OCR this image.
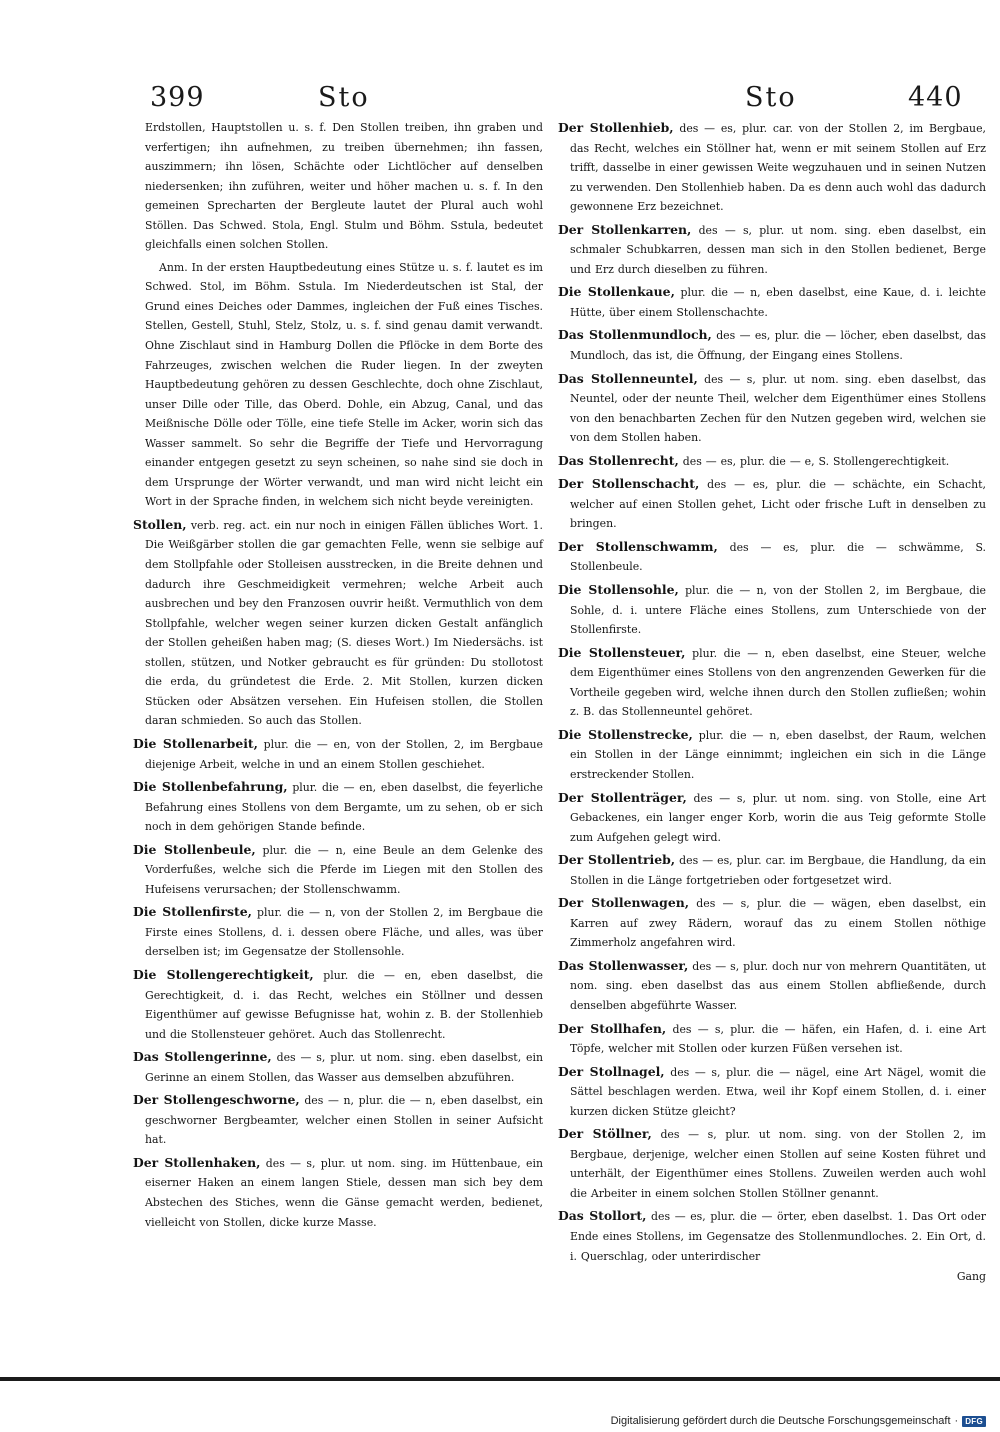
399	Sto	Sto	440
Erdstollen, Hauptstollen u. s. f. Den Stollen treiben, ihn graben und verfertigen; ihn aufnehmen, zu treiben übernehmen; ihn fassen, auszimmern; ihn lösen, Schächte oder Lichtlöcher auf denselben niedersenken; ihn zuführen, weiter und höher machen u. s. f. In den gemeinen Sprecharten der Bergleute lautet der Plural auch wohl Stöllen. Das Schwed. Stola, Engl. Stulm und Böhm. Sstula, bedeutet gleichfalls einen solchen Stollen.
Anm. In der ersten Hauptbedeutung eines Stütze u. s. f. lautet es im Schwed. Stol, im Böhm. Sstula. Im Niederdeutschen ist Stal, der Grund eines Deiches oder Dammes, ingleichen der Fuß eines Tisches. Stellen, Gestell, Stuhl, Stelz, Stolz, u. s. f. sind genau damit verwandt. Ohne Zischlaut sind in Hamburg Dollen die Pflöcke in dem Borte des Fahrzeuges, zwischen welchen die Ruder liegen. In der zweyten Hauptbedeutung gehören zu dessen Geschlechte, doch ohne Zischlaut, unser Dille oder Tille, das Oberd. Dohle, ein Abzug, Canal, und das Meißnische Dölle oder Tölle, eine tiefe Stelle im Acker, worin sich das Wasser sammelt. So sehr die Begriffe der Tiefe und Hervorragung einander entgegen gesetzt zu seyn scheinen, so nahe sind sie doch in dem Ursprunge der Wörter verwandt, und man wird nicht leicht ein Wort in der Sprache finden, in welchem sich nicht beyde vereinigten.
Stollen, verb. reg. act. ein nur noch in einigen Fällen übliches Wort. 1. Die Weißgärber stollen die gar gemachten Felle, wenn sie selbige auf dem Stollpfahle oder Stolleisen ausstrecken, in die Breite dehnen und dadurch ihre Geschmeidigkeit vermehren; welche Arbeit auch ausbrechen und bey den Franzosen ouvrir heißt. Vermuthlich von dem Stollpfahle, welcher wegen seiner kurzen dicken Gestalt anfänglich der Stollen geheißen haben mag; (S. dieses Wort.) Im Niedersächs. ist stollen, stützen, und Notker gebraucht es für gründen: Du stollotost die erda, du gründetest die Erde. 2. Mit Stollen, kurzen dicken Stücken oder Absätzen versehen. Ein Hufeisen stollen, die Stollen daran schmieden. So auch das Stollen.
Die Stollenarbeit, plur. die — en, von der Stollen, 2, im Bergbaue diejenige Arbeit, welche in und an einem Stollen geschiehet.
Die Stollenbefahrung, plur. die — en, eben daselbst, die feyerliche Befahrung eines Stollens von dem Bergamte, um zu sehen, ob er sich noch in dem gehörigen Stande befinde.
Die Stollenbeule, plur. die — n, eine Beule an dem Gelenke des Vorderfußes, welche sich die Pferde im Liegen mit den Stollen des Hufeisens verursachen; der Stollenschwamm.
Die Stollenfirste, plur. die — n, von der Stollen 2, im Bergbaue die Firste eines Stollens, d. i. dessen obere Fläche, und alles, was über derselben ist; im Gegensatze der Stollensohle.
Die Stollengerechtigkeit, plur. die — en, eben daselbst, die Gerechtigkeit, d. i. das Recht, welches ein Stöllner und dessen Eigenthümer auf gewisse Befugnisse hat, wohin z. B. der Stollenhieb und die Stollensteuer gehöret. Auch das Stollenrecht.
Das Stollengerinne, des — s, plur. ut nom. sing. eben daselbst, ein Gerinne an einem Stollen, das Wasser aus demselben abzuführen.
Der Stollengeschworne, des — n, plur. die — n, eben daselbst, ein geschworner Bergbeamter, welcher einen Stollen in seiner Aufsicht hat.
Der Stollenhaken, des — s, plur. ut nom. sing. im Hüttenbaue, ein eiserner Haken an einem langen Stiele, dessen man sich bey dem Abstechen des Stiches, wenn die Gänse gemacht werden, bedienet, vielleicht von Stollen, dicke kurze Masse.
Der Stollenhieb, des — es, plur. car. von der Stollen 2, im Bergbaue, das Recht, welches ein Stöllner hat, wenn er mit seinem Stollen auf Erz trifft, dasselbe in einer gewissen Weite wegzuhauen und in seinen Nutzen zu verwenden. Den Stollenhieb haben. Da es denn auch wohl das dadurch gewonnene Erz bezeichnet.
Der Stollenkarren, des — s, plur. ut nom. sing. eben daselbst, ein schmaler Schubkarren, dessen man sich in den Stollen bedienet, Berge und Erz durch dieselben zu führen.
Die Stollenkaue, plur. die — n, eben daselbst, eine Kaue, d. i. leichte Hütte, über einem Stollenschachte.
Das Stollenmundloch, des — es, plur. die — löcher, eben daselbst, das Mundloch, das ist, die Öffnung, der Eingang eines Stollens.
Das Stollenneuntel, des — s, plur. ut nom. sing. eben daselbst, das Neuntel, oder der neunte Theil, welcher dem Eigenthümer eines Stollens von den benachbarten Zechen für den Nutzen gegeben wird, welchen sie von dem Stollen haben.
Das Stollenrecht, des — es, plur. die — e, S. Stollengerechtigkeit.
Der Stollenschacht, des — es, plur. die — schächte, ein Schacht, welcher auf einen Stollen gehet, Licht oder frische Luft in denselben zu bringen.
Der Stollenschwamm, des — es, plur. die — schwämme, S. Stollenbeule.
Die Stollensohle, plur. die — n, von der Stollen 2, im Bergbaue, die Sohle, d. i. untere Fläche eines Stollens, zum Unterschiede von der Stollenfirste.
Die Stollensteuer, plur. die — n, eben daselbst, eine Steuer, welche dem Eigenthümer eines Stollens von den angrenzenden Gewerken für die Vortheile gegeben wird, welche ihnen durch den Stollen zufließen; wohin z. B. das Stollenneuntel gehöret.
Die Stollenstrecke, plur. die — n, eben daselbst, der Raum, welchen ein Stollen in der Länge einnimmt; ingleichen ein sich in die Länge erstreckender Stollen.
Der Stollenträger, des — s, plur. ut nom. sing. von Stolle, eine Art Gebackenes, ein langer enger Korb, worin die aus Teig geformte Stolle zum Aufgehen gelegt wird.
Der Stollentrieb, des — es, plur. car. im Bergbaue, die Handlung, da ein Stollen in die Länge fortgetrieben oder fortgesetzet wird.
Der Stollenwagen, des — s, plur. die — wägen, eben daselbst, ein Karren auf zwey Rädern, worauf das zu einem Stollen nöthige Zimmerholz angefahren wird.
Das Stollenwasser, des — s, plur. doch nur von mehrern Quantitäten, ut nom. sing. eben daselbst das aus einem Stollen abfließende, durch denselben abgeführte Wasser.
Der Stollhafen, des — s, plur. die — häfen, ein Hafen, d. i. eine Art Töpfe, welcher mit Stollen oder kurzen Füßen versehen ist.
Der Stollnagel, des — s, plur. die — nägel, eine Art Nägel, womit die Sättel beschlagen werden. Etwa, weil ihr Kopf einem Stollen, d. i. einer kurzen dicken Stütze gleicht?
Der Stöllner, des — s, plur. ut nom. sing. von der Stollen 2, im Bergbaue, derjenige, welcher einen Stollen auf seine Kosten führet und unterhält, der Eigenthümer eines Stollens. Zuweilen werden auch wohl die Arbeiter in einem solchen Stollen Stöllner genannt.
Das Stollort, des — es, plur. die — örter, eben daselbst. 1. Das Ort oder Ende eines Stollens, im Gegensatze des Stollenmundloches. 2. Ein Ort, d. i. Querschlag, oder unterirdischer
Gang
Digitalisierung gefördert durch die Deutsche Forschungsgemeinschaft · DFG
